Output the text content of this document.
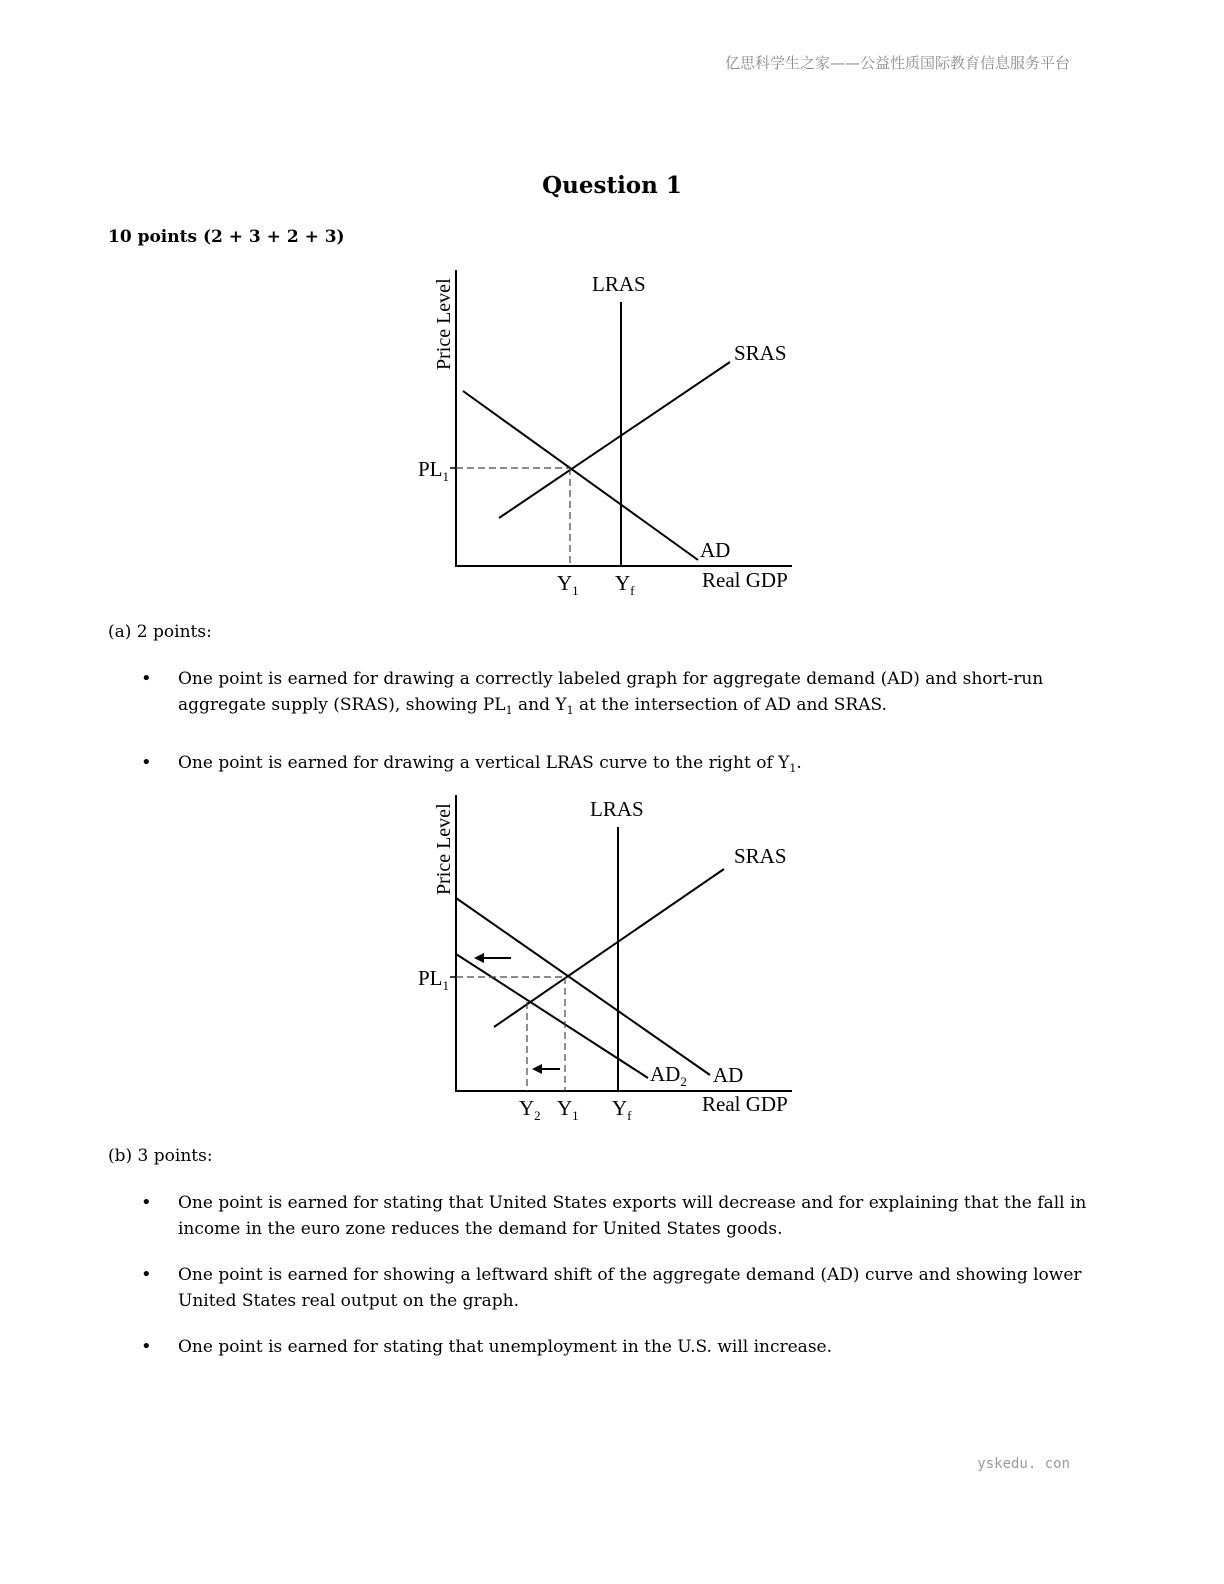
亿思科学生之家——公益性质国际教育信息服务平台
Question 1
10 points (2 + 3 + 2 + 3)
Price Level	LRAS
SRAS
AD
$PL_1$
$Y_1$ $Y_f$	Real GDP
(a) 2 points:
• One point is earned for drawing a correctly labeled graph for aggregate demand (AD) and short-run aggregate supply (SRAS), showing $PL_1$ and $Y_1$ at the intersection of AD and SRAS.
• One point is earned for drawing a vertical LRAS curve to the right of $Y_1$.
Price Level	LRAS
SRAS
$AD_2$ AD
$PL_1$
$Y_2$ $Y_1$ $Y_f$	Real GDP
(b) 3 points:
• One point is earned for stating that United States exports will decrease and for explaining that the fall in income in the euro zone reduces the demand for United States goods.
• One point is earned for showing a leftward shift of the aggregate demand (AD) curve and showing lower United States real output on the graph.
• One point is earned for stating that unemployment in the U.S. will increase.
yskedu. con
